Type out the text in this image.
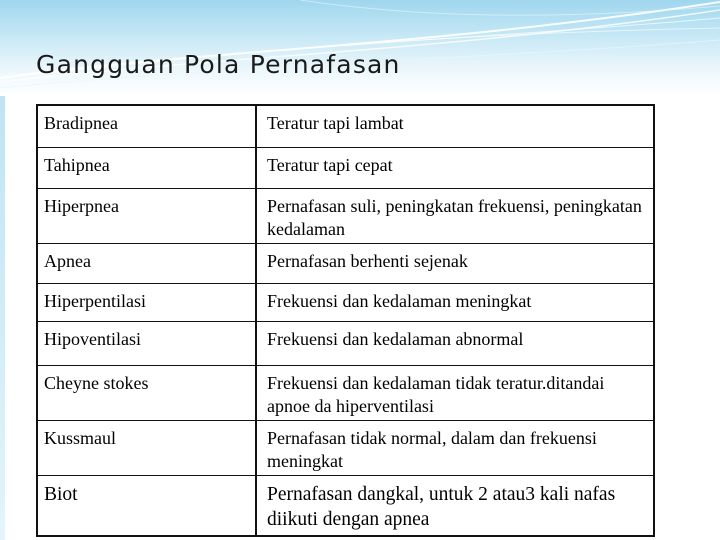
Gangguan Pola Pernafasan
Bradipnea	Teratur tapi lambat
Tahipnea	Teratur tapi cepat
Hiperpnea	Pernafasan suli, peningkatan frekuensi, peningkatan kedalaman
Apnea	Pernafasan berhenti sejenak
Hiperpentilasi	Frekuensi dan kedalaman meningkat
Hipoventilasi	Frekuensi dan kedalaman abnormal
Cheyne stokes	Frekuensi dan kedalaman tidak teratur.ditandai apnoe da hiperventilasi
Kussmaul	Pernafasan tidak normal, dalam dan frekuensi meningkat
Biot	Pernafasan dangkal, untuk 2 atau3 kali nafas diikuti dengan apnea
